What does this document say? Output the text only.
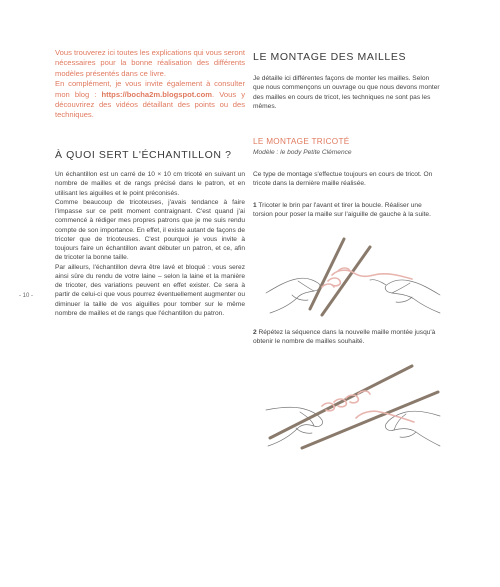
Vous trouverez ici toutes les explications qui vous seront nécessaires pour la bonne réalisation des différents modèles présentés dans ce livre.

En complément, je vous invite également à consulter mon blog : https://bocha2m.blogspot.com. Vous y découvrirez des vidéos détaillant des points ou des techniques.

À QUOI SERT L'ÉCHANTILLON ?

Un échantillon est un carré de 10 × 10 cm tricoté en suivant un nombre de mailles et de rangs précisé dans le patron, et en utilisant les aiguilles et le point préconisés.

Comme beaucoup de tricoteuses, j'avais tendance à faire l'impasse sur ce petit moment contraignant. C'est quand j'ai commencé à rédiger mes propres patrons que je me suis rendu compte de son importance. En effet, il existe autant de façons de tricoter que de tricoteuses. C'est pourquoi je vous invite à toujours faire un échantillon avant débuter un patron, et ce, afin de tricoter la bonne taille.

Par ailleurs, l'échantillon devra être lavé et bloqué : vous serez ainsi sûre du rendu de votre laine – selon la laine et la manière de tricoter, des variations peuvent en effet exister. Ce sera à partir de celui-ci que vous pourrez éventuellement augmenter ou diminuer la taille de vos aiguilles pour tomber sur le même nombre de mailles et de rangs que l'échantillon du patron.

- 10 -
LE MONTAGE DES MAILLES
Je détaille ici différentes façons de monter les mailles. Selon que nous commençons un ouvrage ou que nous devons monter des mailles en cours de tricot, les techniques ne sont pas les mêmes.
LE MONTAGE TRICOTÉ
Modèle : le body Petite Clémence
Ce type de montage s'effectue toujours en cours de tricot. On tricote dans la dernière maille réalisée.
1 Tricoter le brin par l'avant et tirer la boucle. Réaliser une torsion pour poser la maille sur l'aiguille de gauche à la suite.
2 Répétez la séquence dans la nouvelle maille montée jusqu'à obtenir le nombre de mailles souhaité.
